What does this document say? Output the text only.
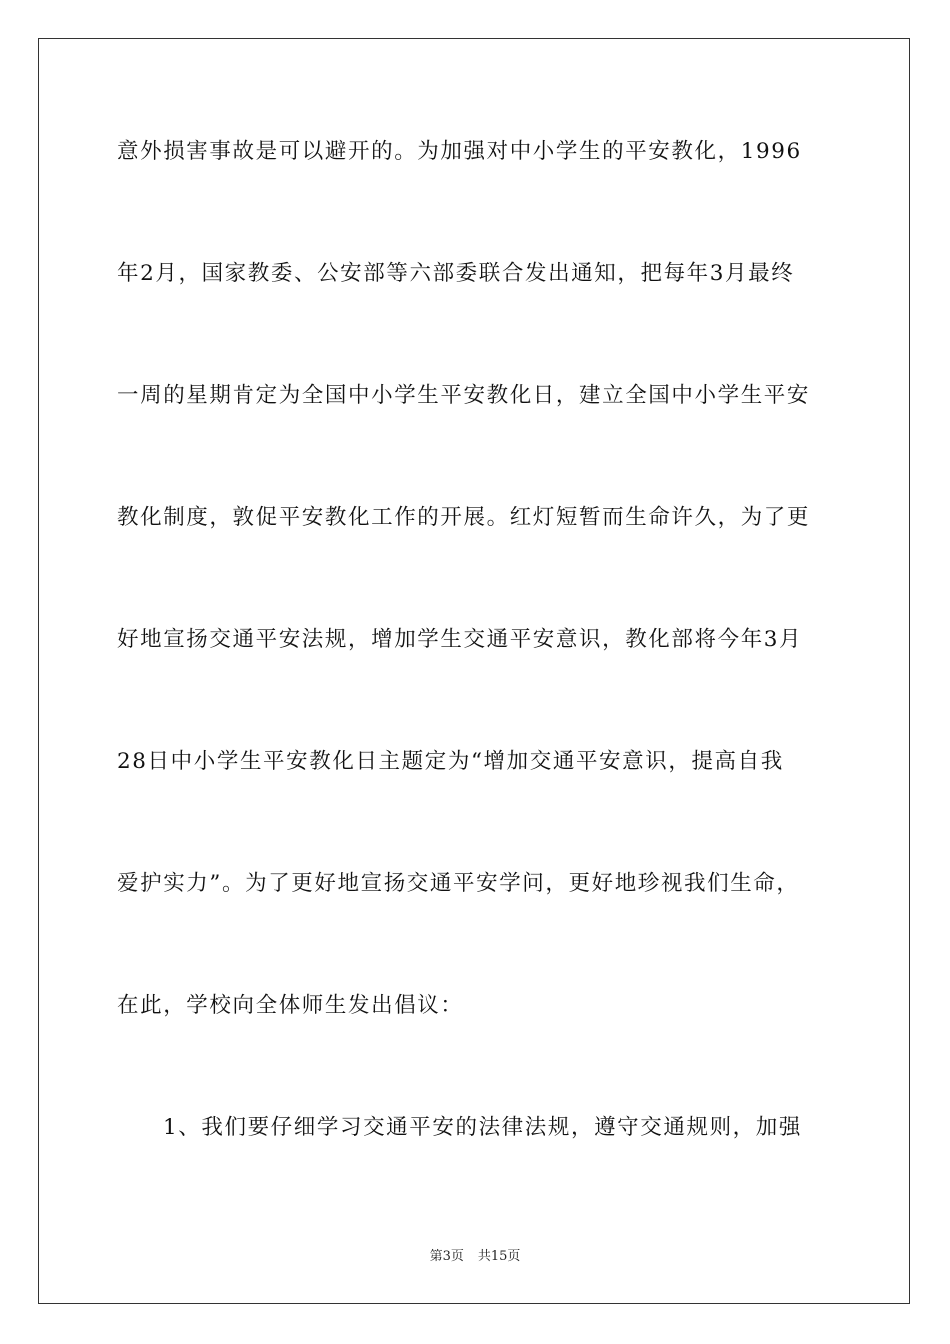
意外损害事故是可以避开的。为加强对中小学生的平安教化，1996
年2月，国家教委、公安部等六部委联合发出通知，把每年3月最终
一周的星期肯定为全国中小学生平安教化日，建立全国中小学生平安
教化制度，敦促平安教化工作的开展。红灯短暂而生命许久，为了更
好地宣扬交通平安法规，增加学生交通平安意识，教化部将今年3月
28日中小学生平安教化日主题定为“增加交通平安意识，提高自我
爱护实力”。为了更好地宣扬交通平安学问，更好地珍视我们生命，
在此，学校向全体师生发出倡议：
1、我们要仔细学习交通平安的法律法规，遵守交通规则，加强
第3页 共15页
